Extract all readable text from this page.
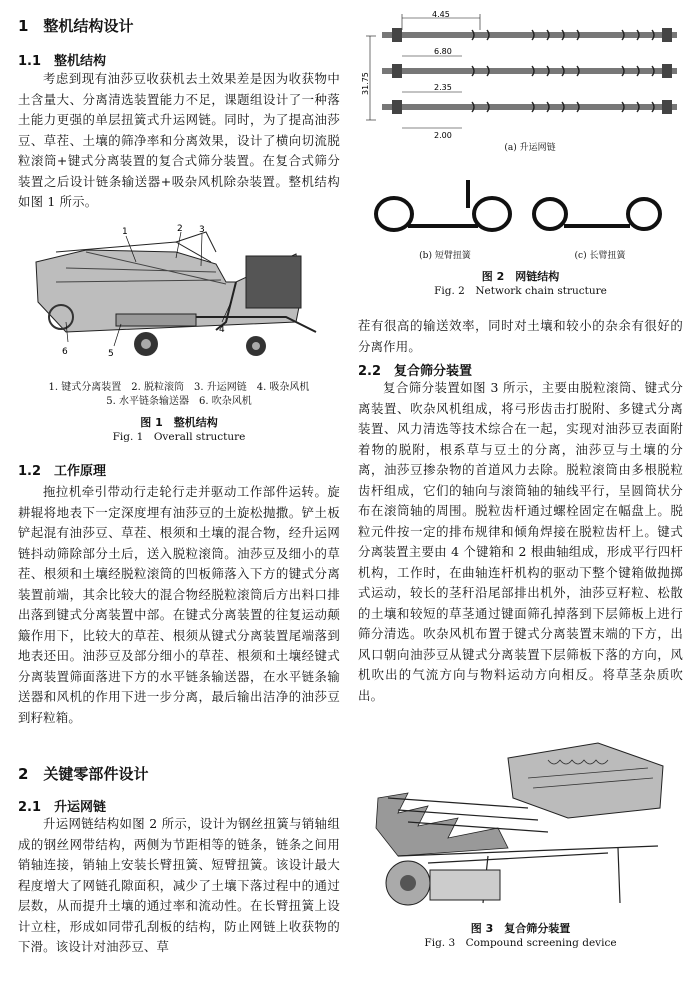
1　整机结构设计
1.1　整机结构
考虑到现有油莎豆收获机去土效果差是因为收获物中土含量大、分离清选装置能力不足，课题组设计了一种落土能力更强的单层扭簧式升运网链。同时，为了提高油莎豆、草茬、土壤的筛净率和分离效果，设计了横向切流脱粒滚筒+键式分离装置的复合式筛分装置。在复合式筛分装置之后设计链条输送器+吸杂风机除杂装置。整机结构如图 1 所示。
1	2 3
6	5
4
1. 键式分离装置　2. 脱粒滚筒　3. 升运网链　4. 吸杂风机
5. 水平链条输送器　6. 吹杂风机
图 1　整机结构
Fig. 1　Overall structure
1.2　工作原理
拖拉机牵引带动行走轮行走并驱动工作部件运转。旋耕辊将地表下一定深度埋有油莎豆的土旋松抛撒。铲土板铲起混有油莎豆、草茬、根须和土壤的混合物，经升运网链抖动筛除部分土后，送入脱粒滚筒。油莎豆及细小的草茬、根须和土壤经脱粒滚筒的凹板筛落入下方的键式分离装置前端，其余比较大的混合物经脱粒滚筒后方出料口排出落到键式分离装置中部。在键式分离装置的往复运动颠簸作用下，比较大的草茬、根须从键式分离装置尾端落到地表还田。油莎豆及部分细小的草茬、根须和土壤经键式分离装置筛面落进下方的水平链条输送器，在水平链条输送器和风机的作用下进一步分离，最后输出洁净的油莎豆到籽粒箱。
2　关键零部件设计
2.1　升运网链
升运网链结构如图 2 所示，设计为钢丝扭簧与销轴组成的钢丝网带结构，两侧为节距相等的链条，链条之间用销轴连接，销轴上安装长臂扭簧、短臂扭簧。该设计最大程度增大了网链孔隙面积，减少了土壤下落过程中的通过层数，从而提升土壤的通过率和流动性。在长臂扭簧上设计立柱，形成如同带孔刮板的结构，防止网链上收获物的下滑。该设计对油莎豆、草
4.45
31.75
6.80
2.35
2.00
(a) 升运网链
(b) 短臂扭簧	(c) 长臂扭簧
图 2　网链结构
Fig. 2　Network chain structure
茬有很高的输送效率，同时对土壤和较小的杂余有很好的分离作用。
2.2　复合筛分装置
复合筛分装置如图 3 所示，主要由脱粒滚筒、键式分离装置、吹杂风机组成，将弓形齿击打脱附、多键式分离装置、风力清选等技术综合在一起，实现对油莎豆表面附着物的脱附，根系草与豆土的分离，油莎豆与土壤的分离，油莎豆掺杂物的首道风力去除。脱粒滚筒由多根脱粒齿杆组成，它们的轴向与滚筒轴的轴线平行，呈圆筒状分布在滚筒轴的周围。脱粒齿杆通过螺栓固定在幅盘上。脱粒元件按一定的排布规律和倾角焊接在脱粒齿杆上。键式分离装置主要由 4 个键箱和 2 根曲轴组成，形成平行四杆机构，工作时，在曲轴连杆机构的驱动下整个键箱做抛掷式运动，较长的茎秆沿尾部排出机外，油莎豆籽粒、松散的土壤和较短的草茎通过键面筛孔掉落到下层筛板上进行筛分清选。吹杂风机布置于键式分离装置末端的下方，出风口朝向油莎豆从键式分离装置下层筛板下落的方向，风机吹出的气流方向与物料运动方向相反。将草茎杂质吹出。
图 3　复合筛分装置
Fig. 3　Compound screening device
